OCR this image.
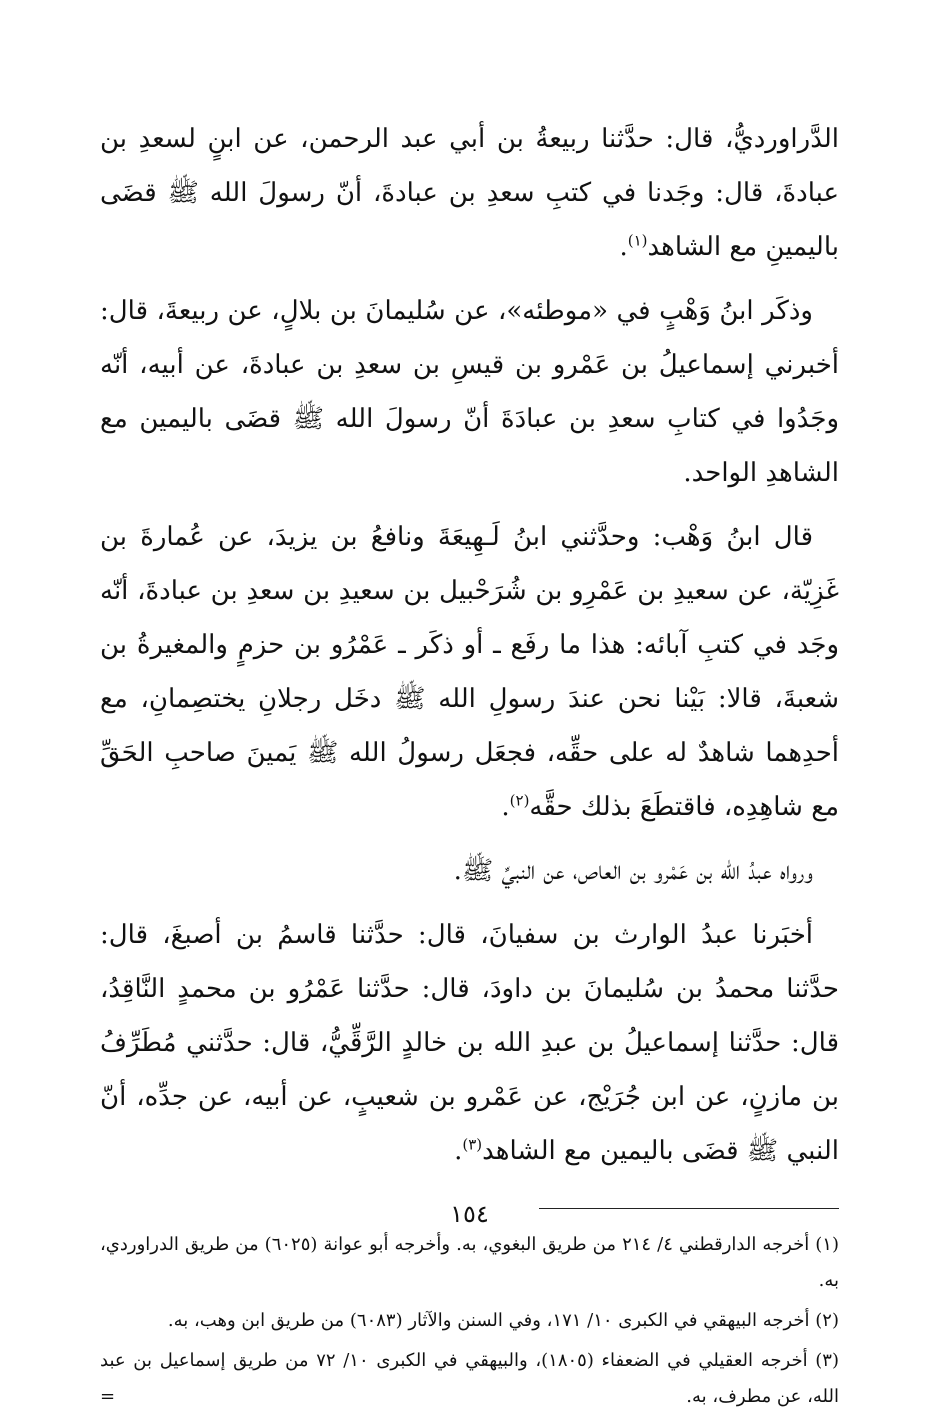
الدَّراورديُّ، قال: حدَّثنا ربيعةُ بن أبي عبد الرحمن، عن ابنٍ لسعدِ بن عبادةَ، قال: وجَدنا في كتبِ سعدِ بن عبادةَ، أنّ رسولَ الله ﷺ قضَى باليمينِ مع الشاهد$^{(١)}$.

وذكَر ابنُ وَهْبٍ في «موطئه»، عن سُليمانَ بن بلالٍ، عن ربيعةَ، قال: أخبرني إسماعيلُ بن عَمْرو بن قيسِ بن سعدِ بن عبادةَ، عن أبيه، أنّه وجَدُوا في كتابِ سعدِ بن عبادَةَ أنّ رسولَ الله ﷺ قضَى باليمين مع الشاهدِ الواحد.

قال ابنُ وَهْب: وحدَّثني ابنُ لَـهِيعَةَ ونافعُ بن يزيدَ، عن عُمارةَ بن غَزِيّة، عن سعيدِ بن عَمْرِو بن شُرَحْبيل بن سعيدِ بن سعدِ بن عبادةَ، أنّه وجَد في كتبِ آبائه: هذا ما رفَع ـ أو ذكَر ـ عَمْرُو بن حزمٍ والمغيرةُ بن شعبةَ، قالا: بَيْنا نحن عندَ رسولِ الله ﷺ دخَل رجلانِ يختصِمانِ، مع أحدِهما شاهدٌ له على حقِّه، فجعَل رسولُ الله ﷺ يَمينَ صاحبِ الحَقِّ مع شاهِدِه، فاقتطَعَ بذلك حقَّه$^{(٢)}$.

ورواه عبدُ الله بن عَمْرو بن العاص، عن النبيِّ ﷺ.

أخبَرنا عبدُ الوارث بن سفيانَ، قال: حدَّثنا قاسمُ بن أصبغَ، قال: حدَّثنا محمدُ بن سُليمانَ بن داودَ، قال: حدَّثنا عَمْرُو بن محمدٍ النَّاقِدُ، قال: حدَّثنا إسماعيلُ بن عبدِ الله بن خالدٍ الرَّقِّيُّ، قال: حدَّثني مُطَرِّفُ بن مازنٍ، عن ابن جُرَيْج، عن عَمْرو بن شعيبٍ، عن أبيه، عن جدِّه، أنّ النبي ﷺ قضَى باليمين مع الشاهد$^{(٣)}$.

(١) أخرجه الدارقطني ٤/ ٢١٤ من طريق البغوي، به. وأخرجه أبو عوانة (٦٠٢٥) من طريق الدراوردي، به.

(٢) أخرجه البيهقي في الكبرى ١٠/ ١٧١، وفي السنن والآثار (٦٠٨٣) من طريق ابن وهب، به.

(٣) أخرجه العقيلي في الضعفاء (١٨٠٥)، والبيهقي في الكبرى ١٠/ ٧٢ من طريق إسماعيل بن عبد الله، عن مطرف، به.
=

١٥٤
